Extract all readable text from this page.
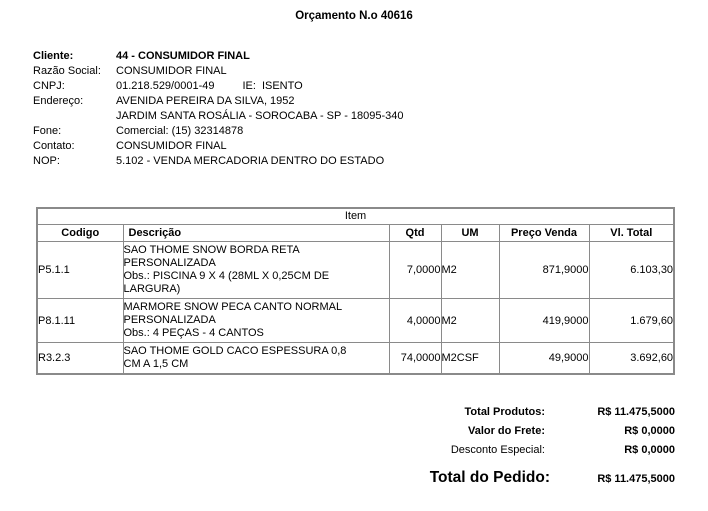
Orçamento N.o 40616
Cliente:	44 - CONSUMIDOR FINAL
Razão Social: CONSUMIDOR FINAL
CNPJ:	01.218.529/0001-49	IE: ISENTO
Endereço:	AVENIDA PEREIRA DA SILVA, 1952
JARDIM SANTA ROSÁLIA - SOROCABA - SP - 18095-340
Fone:	Comercial: (15) 32314878
Contato:	CONSUMIDOR FINAL
NOP:	5.102 - VENDA MERCADORIA DENTRO DO ESTADO
Item					
Codigo	Descrição	Qtd	UM	Preço Venda	Vl. Total
P5.1.1	SAO THOME SNOW BORDA RETA
PERSONALIZADA
Obs.: PISCINA 9 X 4 (28ML X 0,25CM DE
LARGURA)	7,0000	M2	871,9000	6.103,30
P8.1.11	MARMORE SNOW PECA CANTO NORMAL
PERSONALIZADA
Obs.: 4 PEÇAS - 4 CANTOS	4,0000	M2	419,9000	1.679,60
R3.2.3	SAO THOME GOLD CACO ESPESSURA 0,8
CM A 1,5 CM	74,0000	M2CSF	49,9000	3.692,60
Total Produtos:	R$ 11.475,5000
Valor do Frete:	R$ 0,0000
Desconto Especial:	R$ 0,0000
Total do Pedido:	R$ 11.475,5000
